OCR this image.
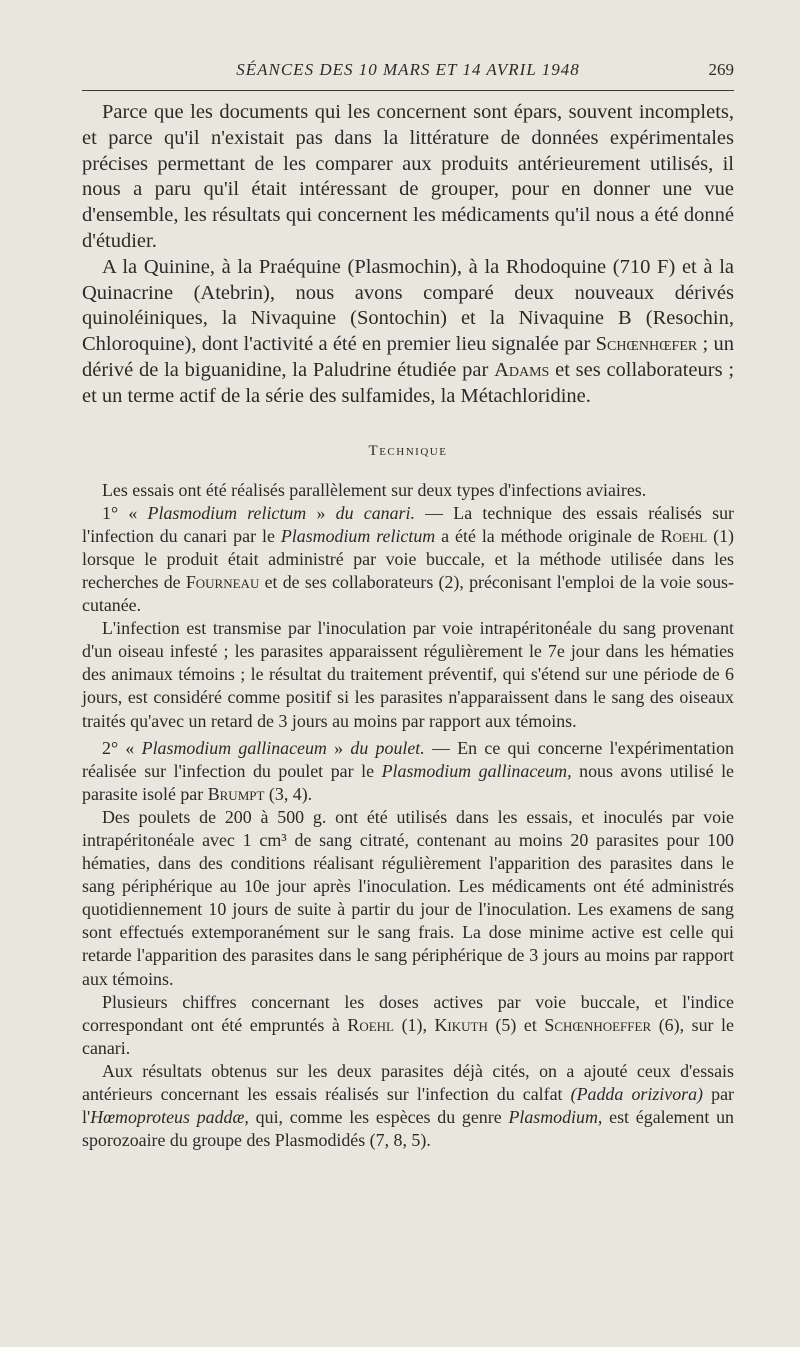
SÉANCES DES 10 MARS ET 14 AVRIL 1948	269

Parce que les documents qui les concernent sont épars, souvent incomplets, et parce qu'il n'existait pas dans la littérature de données expérimentales précises permettant de les comparer aux produits antérieurement utilisés, il nous a paru qu'il était intéressant de grouper, pour en donner une vue d'ensemble, les résultats qui concernent les médicaments qu'il nous a été donné d'étudier.

A la Quinine, à la Praéquine (Plasmochin), à la Rhodoquine (710 F) et à la Quinacrine (Atebrin), nous avons comparé deux nouveaux dérivés quinoléiniques, la Nivaquine (Sontochin) et la Nivaquine B (Resochin, Chloroquine), dont l'activité a été en premier lieu signalée par Schœnhœfer ; un dérivé de la biguanidine, la Paludrine étudiée par Adams et ses collaborateurs ; et un terme actif de la série des sulfamides, la Métachloridine.

Technique

Les essais ont été réalisés parallèlement sur deux types d'infections aviaires.

1° « Plasmodium relictum » du canari. — La technique des essais réalisés sur l'infection du canari par le Plasmodium relictum a été la méthode originale de Roehl (1) lorsque le produit était administré par voie buccale, et la méthode utilisée dans les recherches de Fourneau et de ses collaborateurs (2), préconisant l'emploi de la voie sous-cutanée.

L'infection est transmise par l'inoculation par voie intrapéritonéale du sang provenant d'un oiseau infesté ; les parasites apparaissent régulièrement le 7e jour dans les hématies des animaux témoins ; le résultat du traitement préventif, qui s'étend sur une période de 6 jours, est considéré comme positif si les parasites n'apparaissent dans le sang des oiseaux traités qu'avec un retard de 3 jours au moins par rapport aux témoins.

2° « Plasmodium gallinaceum » du poulet. — En ce qui concerne l'expérimentation réalisée sur l'infection du poulet par le Plasmodium gallinaceum, nous avons utilisé le parasite isolé par Brumpt (3, 4).

Des poulets de 200 à 500 g. ont été utilisés dans les essais, et inoculés par voie intrapéritonéale avec 1 cm³ de sang citraté, contenant au moins 20 parasites pour 100 hématies, dans des conditions réalisant régulièrement l'apparition des parasites dans le sang périphérique au 10e jour après l'inoculation. Les médicaments ont été administrés quotidiennement 10 jours de suite à partir du jour de l'inoculation. Les examens de sang sont effectués extemporanément sur le sang frais. La dose minime active est celle qui retarde l'apparition des parasites dans le sang périphérique de 3 jours au moins par rapport aux témoins.

Plusieurs chiffres concernant les doses actives par voie buccale, et l'indice correspondant ont été empruntés à Roehl (1), Kikuth (5) et Schœnhoeffer (6), sur le canari.

Aux résultats obtenus sur les deux parasites déjà cités, on a ajouté ceux d'essais antérieurs concernant les essais réalisés sur l'infection du calfat (Padda orizivora) par l'Hœmoproteus paddæ, qui, comme les espèces du genre Plasmodium, est également un sporozoaire du groupe des Plasmodidés (7, 8, 5).
